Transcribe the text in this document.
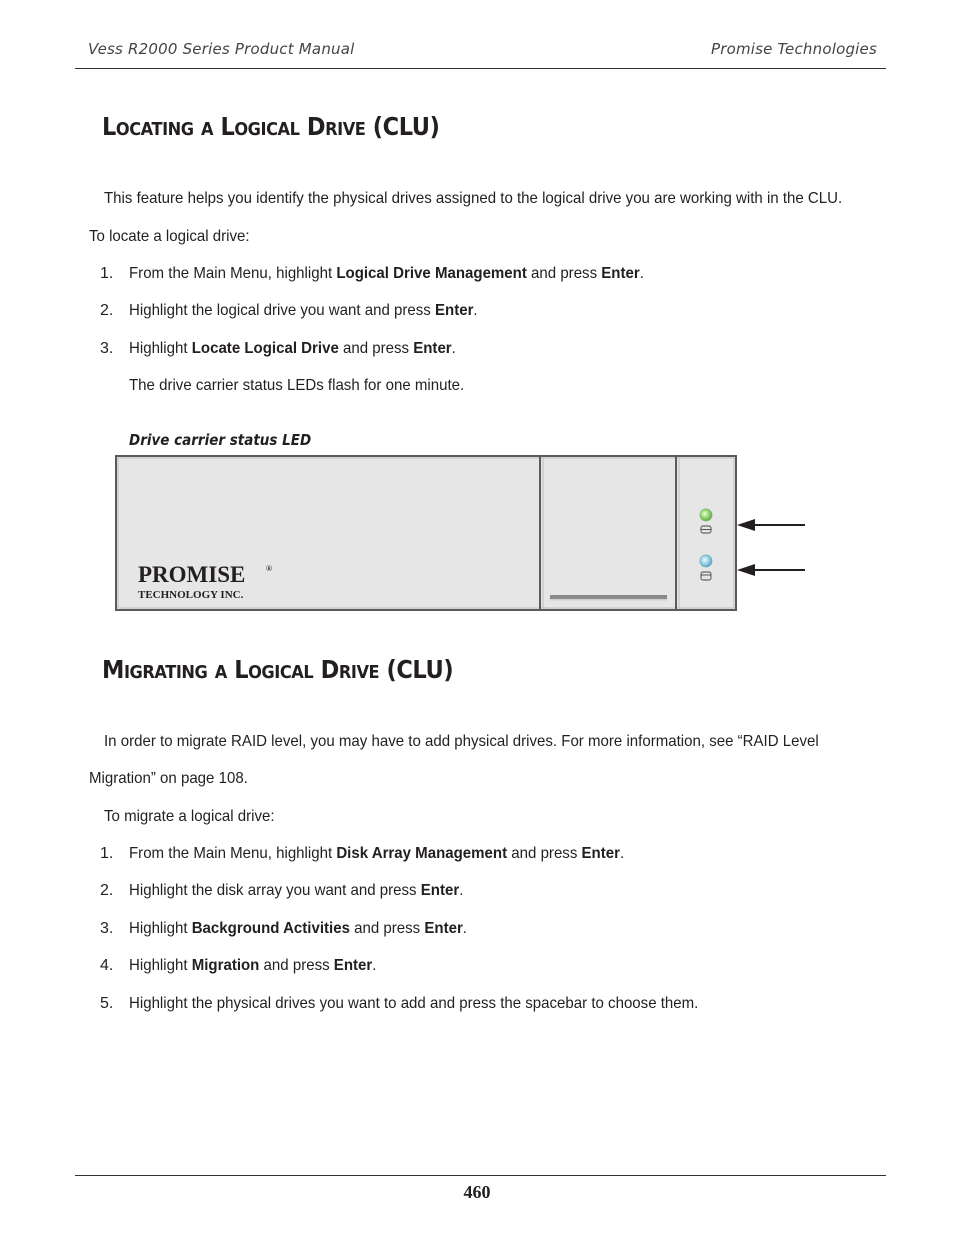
Vess R2000 Series Product Manual	Promise Technologies
Locating a Logical Drive (CLU)

This feature helps you identify the physical drives assigned to the logical drive you are working with in the CLU.

To locate a logical drive:

1. From the Main Menu, highlight Logical Drive Management and press Enter.
2. Highlight the logical drive you want and press Enter.
3. Highlight Locate Logical Drive and press Enter.

The drive carrier status LEDs flash for one minute.

Drive carrier status LED
PROMISE	®
TECHNOLOGY INC.
Migrating a Logical Drive (CLU)

In order to migrate RAID level, you may have to add physical drives. For more information, see “RAID Level

Migration” on page 108.

To migrate a logical drive:

1. From the Main Menu, highlight Disk Array Management and press Enter.
2. Highlight the disk array you want and press Enter.
3. Highlight Background Activities and press Enter.
4. Highlight Migration and press Enter.
5. Highlight the physical drives you want to add and press the spacebar to choose them.
460
